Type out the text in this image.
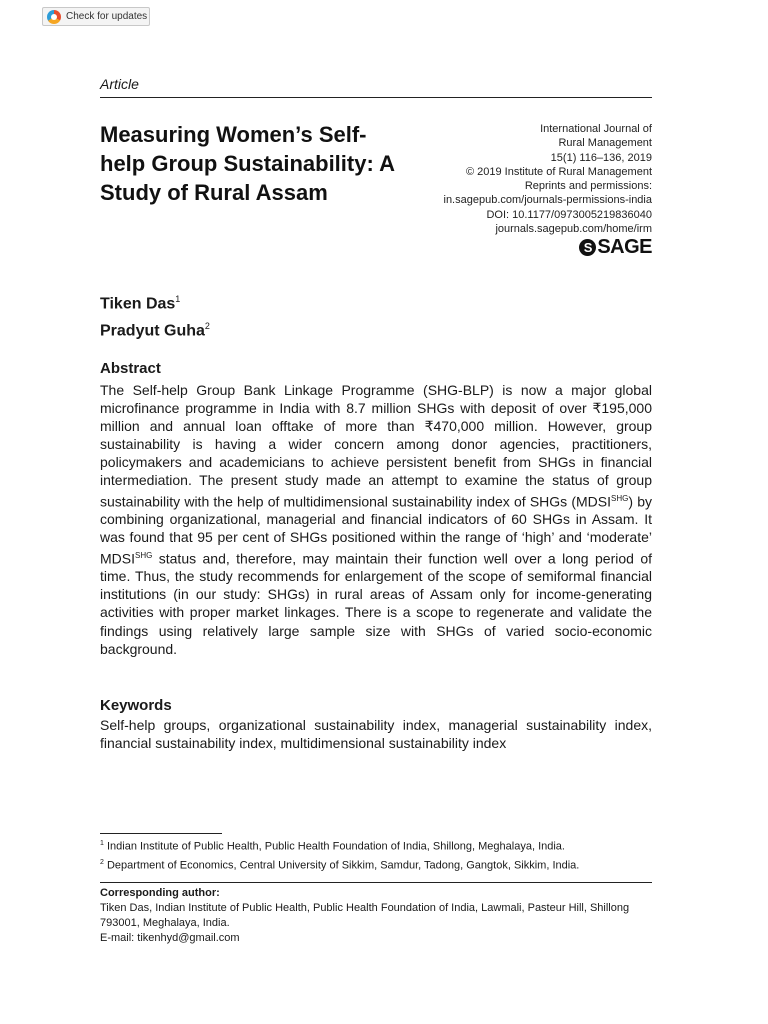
Check for updates
Article
Measuring Women’s Self-help Group Sustainability: A Study of Rural Assam
International Journal of
Rural Management
15(1) 116–136, 2019
© 2019 Institute of Rural Management
Reprints and permissions:
in.sagepub.com/journals-permissions-india
DOI: 10.1177/0973005219836040
journals.sagepub.com/home/irm
S SAGE
Tiken Das$^1$
Pradyut Guha$^2$
Abstract
The Self-help Group Bank Linkage Programme (SHG-BLP) is now a major global microfinance programme in India with 8.7 million SHGs with deposit of over ₹195,000 million and annual loan offtake of more than ₹470,000 million. However, group sustainability is having a wider concern among donor agencies, practitioners, policymakers and academicians to achieve persistent benefit from SHGs in financial intermediation. The present study made an attempt to examine the status of group sustainability with the help of multidimensional sustainability index of SHGs $(MDSI^{SHG})$ by combining organizational, managerial and financial indicators of 60 SHGs in Assam. It was found that 95 per cent of SHGs positioned within the range of ‘high’ and ‘moderate’ $MDSI^{SHG}$ status and, therefore, may maintain their function well over a long period of time. Thus, the study recommends for enlargement of the scope of semiformal financial institutions (in our study: SHGs) in rural areas of Assam only for income-generating activities with proper market linkages. There is a scope to regenerate and validate the findings using relatively large sample size with SHGs of varied socio-economic background.
Keywords
Self-help groups, organizational sustainability index, managerial sustainability index, financial sustainability index, multidimensional sustainability index
$^1$ Indian Institute of Public Health, Public Health Foundation of India, Shillong, Meghalaya, India.
$^2$ Department of Economics, Central University of Sikkim, Samdur, Tadong, Gangtok, Sikkim, India.
Corresponding author:
Tiken Das, Indian Institute of Public Health, Public Health Foundation of India, Lawmali, Pasteur Hill, Shillong 793001, Meghalaya, India.
E-mail: tikenhyd@gmail.com
